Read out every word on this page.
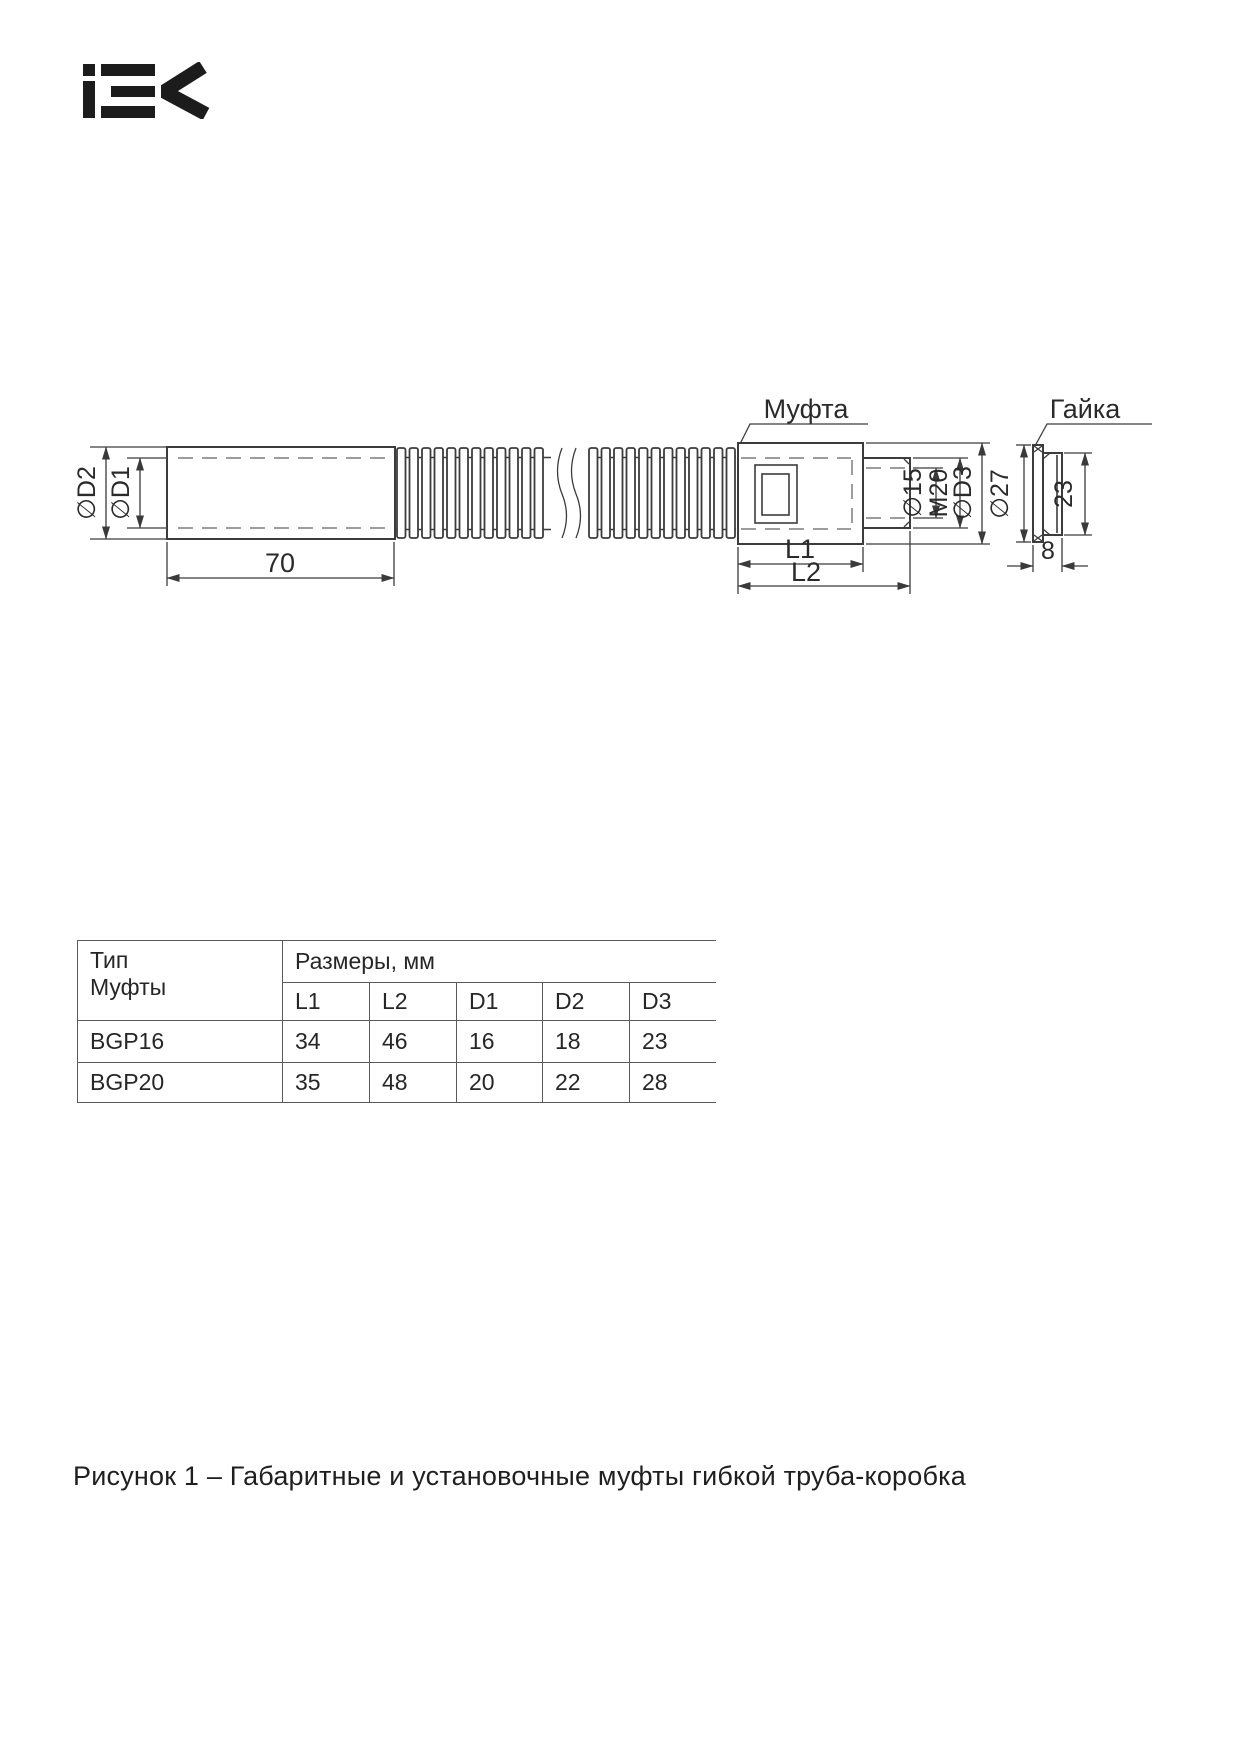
∅D2 ∅D1	∅15
M20
∅D3
L1
L2
70
Муфта	Гайка
∅27 23
8
Тип
Муфты	Размеры, мм				
	L1	L2	D1	D2	D3
BGP16	34	46	16	18	23
BGP20	35	48	20	22	28
Рисунок 1 – Габаритные и установочные муфты гибкой труба-коробка
